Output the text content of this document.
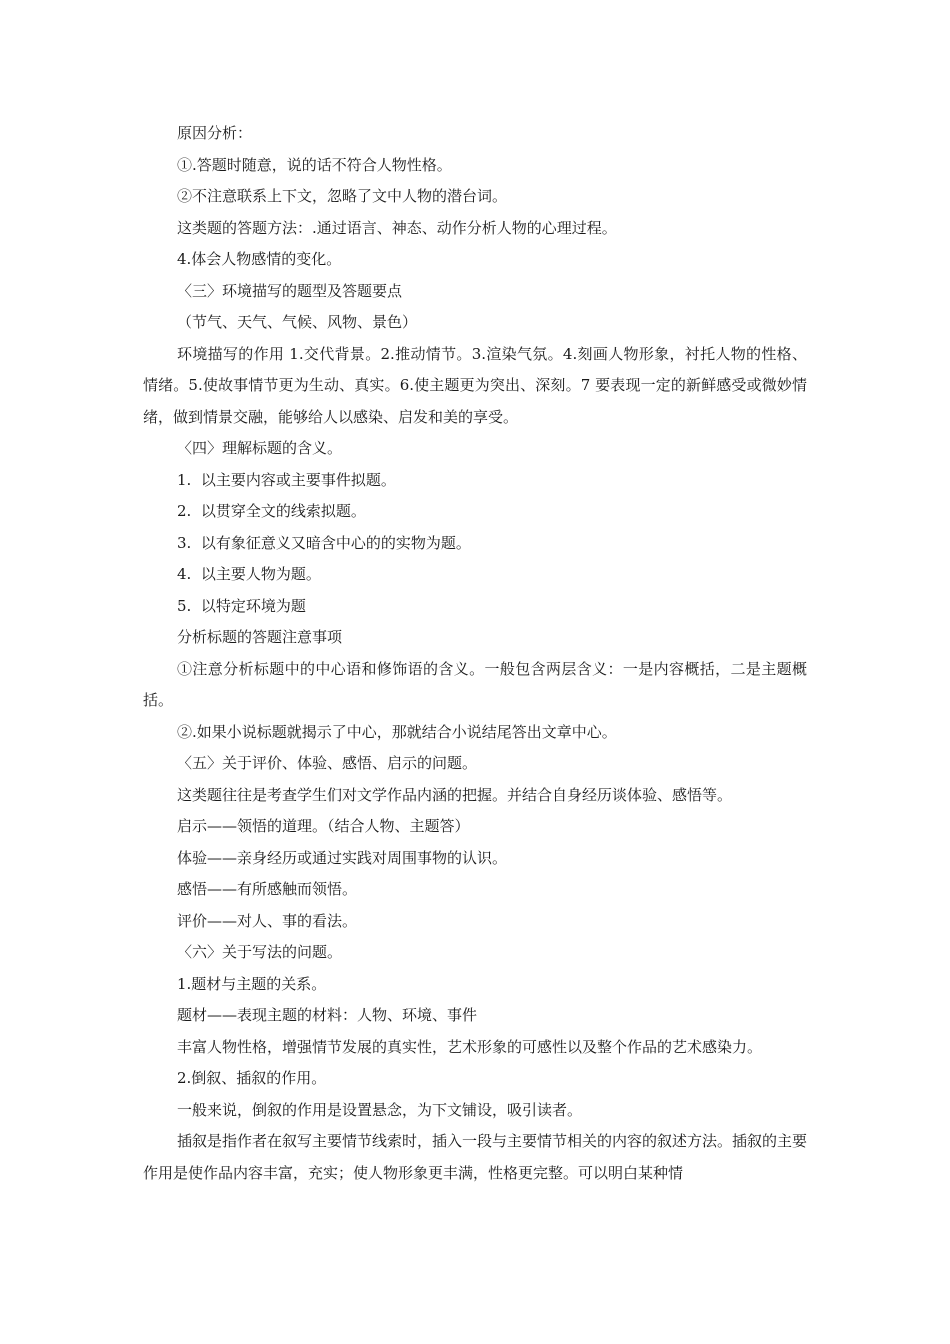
原因分析：

①.答题时随意，说的话不符合人物性格。

②不注意联系上下文，忽略了文中人物的潜台词。

这类题的答题方法：.通过语言、神态、动作分析人物的心理过程。

4.体会人物感情的变化。

〈三〉环境描写的题型及答题要点

（节气、天气、气候、风物、景色）

环境描写的作用 1.交代背景。2.推动情节。3.渲染气氛。4.刻画人物形象，衬托人物的性格、情绪。5.使故事情节更为生动、真实。6.使主题更为突出、深刻。7 要表现一定的新鲜感受或微妙情绪，做到情景交融，能够给人以感染、启发和美的享受。

〈四〉理解标题的含义。

1.  以主要内容或主要事件拟题。

2.  以贯穿全文的线索拟题。

3.  以有象征意义又暗含中心的的实物为题。

4.  以主要人物为题。

5.  以特定环境为题

分析标题的答题注意事项

①注意分析标题中的中心语和修饰语的含义。一般包含两层含义：一是内容概括，二是主题概括。

②.如果小说标题就揭示了中心，那就结合小说结尾答出文章中心。

〈五〉关于评价、体验、感悟、启示的问题。

这类题往往是考查学生们对文学作品内涵的把握。并结合自身经历谈体验、感悟等。

启示——领悟的道理。（结合人物、主题答）

体验——亲身经历或通过实践对周围事物的认识。

感悟——有所感触而领悟。

评价——对人、事的看法。

〈六〉关于写法的问题。

1.题材与主题的关系。

题材——表现主题的材料：人物、环境、事件

丰富人物性格，增强情节发展的真实性，艺术形象的可感性以及整个作品的艺术感染力。

2.倒叙、插叙的作用。

一般来说，倒叙的作用是设置悬念，为下文铺设，吸引读者。

插叙是指作者在叙写主要情节线索时，插入一段与主要情节相关的内容的叙述方法。插叙的主要作用是使作品内容丰富，充实；使人物形象更丰满，性格更完整。可以明白某种情
